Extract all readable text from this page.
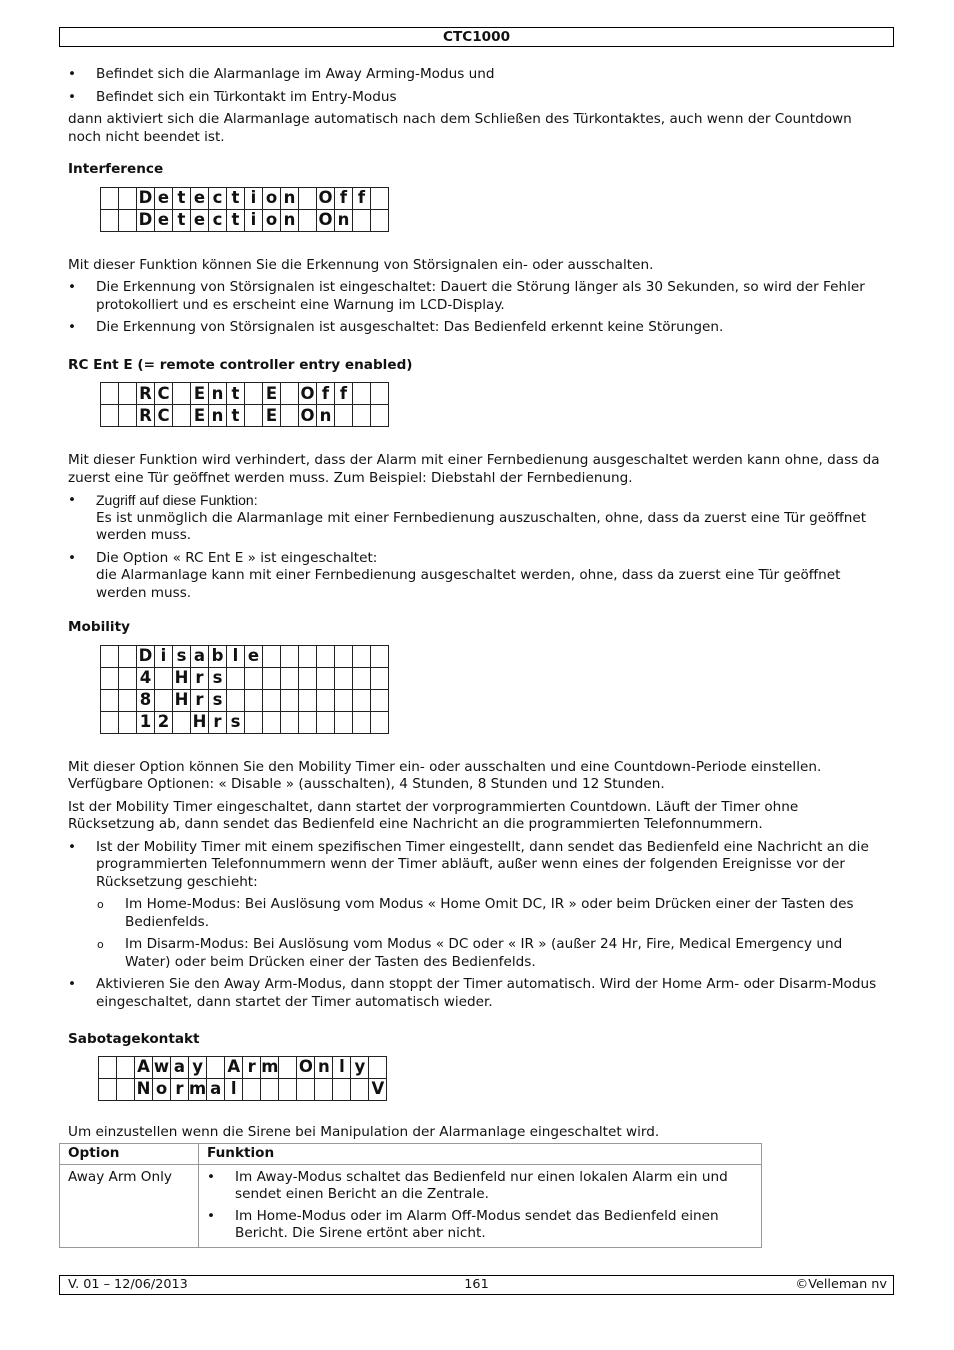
CTC1000
• Befindet sich die Alarmanlage im Away Arming-Modus und
• Befindet sich ein Türkontakt im Entry-Modus

dann aktiviert sich die Alarmanlage automatisch nach dem Schließen des Türkontaktes, auch wenn der Countdown noch nicht beendet ist.

Interference
		D	e	t	e	c	t	i	o	n		O	f	f	
		D	e	t	e	c	t	i	o	n		O	n		

Mit dieser Funktion können Sie die Erkennung von Störsignalen ein- oder ausschalten.

• Die Erkennung von Störsignalen ist eingeschaltet: Dauert die Störung länger als 30 Sekunden, so wird der Fehler protokolliert und es erscheint eine Warnung im LCD-Display.
• Die Erkennung von Störsignalen ist ausgeschaltet: Das Bedienfeld erkennt keine Störungen.
RC Ent E (= remote controller entry enabled)
		R	C		E	n	t		E		O	f	f		
		R	C		E	n	t		E		O	n			

Mit dieser Funktion wird verhindert, dass der Alarm mit einer Fernbedienung ausgeschaltet werden kann ohne, dass da zuerst eine Tür geöffnet werden muss. Zum Beispiel: Diebstahl der Fernbedienung.

• Zugriff auf diese Funktion:
Es ist unmöglich die Alarmanlage mit einer Fernbedienung auszuschalten, ohne, dass da zuerst eine Tür geöffnet werden muss.
• Die Option « RC Ent E » ist eingeschaltet:
die Alarmanlage kann mit einer Fernbedienung ausgeschaltet werden, ohne, dass da zuerst eine Tür geöffnet werden muss.
Mobility
		D	i	s	a	b	l	e							
		4		H	r	s									
		8		H	r	s									
		1	2		H	r	s								

Mit dieser Option können Sie den Mobility Timer ein- oder ausschalten und eine Countdown-Periode einstellen. Verfügbare Optionen: « Disable » (ausschalten), 4 Stunden, 8 Stunden und 12 Stunden.

Ist der Mobility Timer eingeschaltet, dann startet der vorprogrammierten Countdown. Läuft der Timer ohne Rücksetzung ab, dann sendet das Bedienfeld eine Nachricht an die programmierten Telefonnummern.

• Ist der Mobility Timer mit einem spezifischen Timer eingestellt, dann sendet das Bedienfeld eine Nachricht an die programmierten Telefonnummern wenn der Timer abläuft, außer wenn eines der folgenden Ereignisse vor der Rücksetzung geschieht:
o Im Home-Modus: Bei Auslösung vom Modus « Home Omit DC, IR » oder beim Drücken einer der Tasten des Bedienfelds.
o Im Disarm-Modus: Bei Auslösung vom Modus « DC oder « IR » (außer 24 Hr, Fire, Medical Emergency und Water) oder beim Drücken einer der Tasten des Bedienfelds.
• Aktivieren Sie den Away Arm-Modus, dann stoppt der Timer automatisch. Wird der Home Arm- oder Disarm-Modus eingeschaltet, dann startet der Timer automatisch wieder.
Sabotagekontakt
		A	w	a	y		A	r	m		O	n	l	y	
		N	o	r	m	a	l								V

Um einzustellen wenn die Sirene bei Manipulation der Alarmanlage eingeschaltet wird.

Option	Funktion
Away Arm Only	• Im Away-Modus schaltet das Bedienfeld nur einen lokalen Alarm ein und sendet einen Bericht an die Zentrale.
• Im Home-Modus oder im Alarm Off-Modus sendet das Bedienfeld einen Bericht. Die Sirene ertönt aber nicht.
V. 01 – 12/06/2013	161	©Velleman nv
